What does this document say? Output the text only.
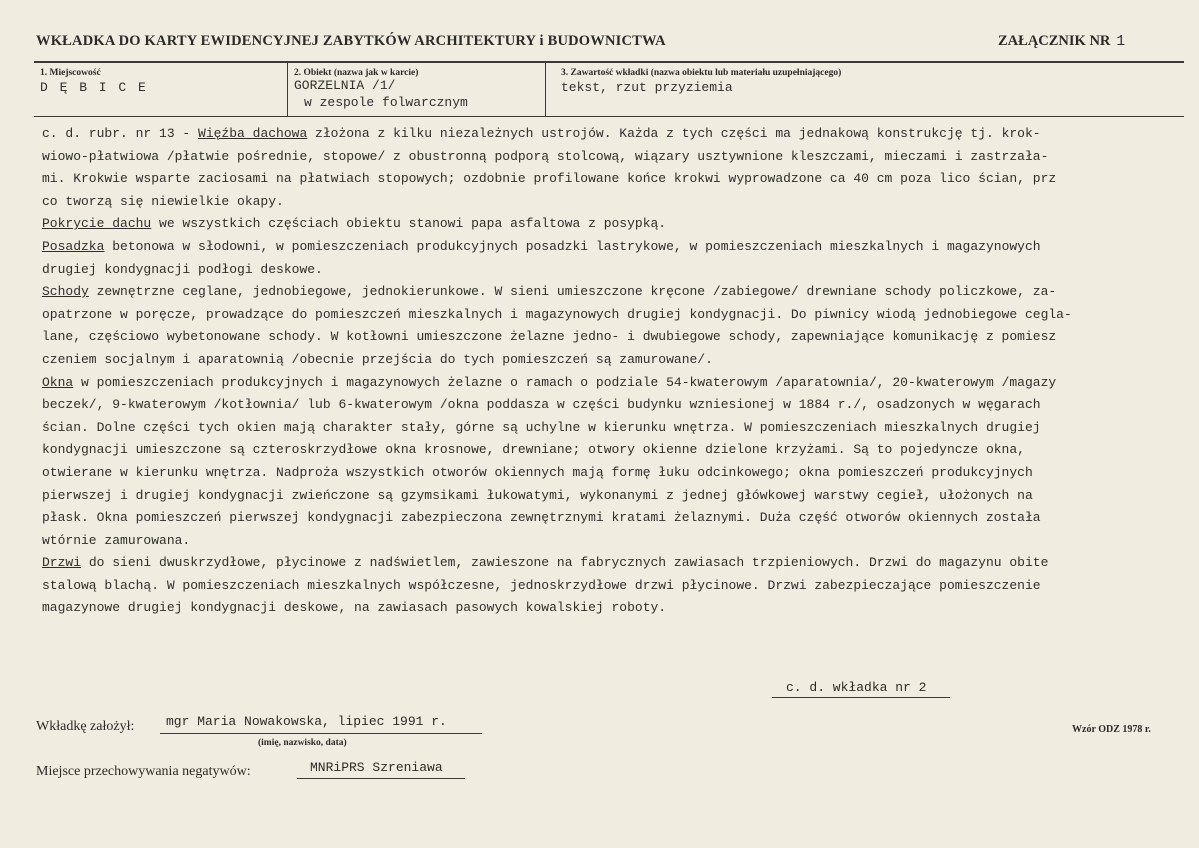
WKŁADKA DO KARTY EWIDENCYJNEJ ZABYTKÓW ARCHITEKTURY i BUDOWNICTWA	ZAŁĄCZNIK NR 1
1. Miejscowość
D Ę B I C E
2. Obiekt (nazwa jak w karcie)
GORZELNIA /1/
w zespole folwarcznym
3. Zawartość wkładki (nazwa obiektu lub materiału uzupełniającego)
tekst, rzut przyziemia
c. d. rubr. nr 13 - Więźba dachowa złożona z kilku niezależnych ustrojów. Każda z tych części ma jednakową konstrukcję tj. krok-
wiowo-płatwiowa /płatwie pośrednie, stopowe/ z obustronną podporą stolcową, wiązary usztywnione kleszczami, mieczami i zastrzała-
mi. Krokwie wsparte zaciosami na płatwiach stopowych; ozdobnie profilowane końce krokwi wyprowadzone ca 40 cm poza lico ścian, prz
co tworzą się niewielkie okapy.
Pokrycie dachu we wszystkich częściach obiektu stanowi papa asfaltowa z posypką.
Posadzka betonowa w słodowni, w pomieszczeniach produkcyjnych posadzki lastrykowe, w pomieszczeniach mieszkalnych i magazynowych
drugiej kondygnacji podłogi deskowe.
Schody zewnętrzne ceglane, jednobiegowe, jednokierunkowe. W sieni umieszczone kręcone /zabiegowe/ drewniane schody policzkowe, za-
opatrzone w poręcze, prowadzące do pomieszczeń mieszkalnych i magazynowych drugiej kondygnacji. Do piwnicy wiodą jednobiegowe cegla-
lane, częściowo wybetonowane schody. W kotłowni umieszczone żelazne jedno- i dwubiegowe schody, zapewniające komunikację z pomiesz
czeniem socjalnym i aparatownią /obecnie przejścia do tych pomieszczeń są zamurowane/.
Okna w pomieszczeniach produkcyjnych i magazynowych żelazne o ramach o podziale 54-kwaterowym /aparatownia/, 20-kwaterowym /magazy
beczek/, 9-kwaterowym /kotłownia/ lub 6-kwaterowym /okna poddasza w części budynku wzniesionej w 1884 r./, osadzonych w węgarach
ścian. Dolne części tych okien mają charakter stały, górne są uchylne w kierunku wnętrza. W pomieszczeniach mieszkalnych drugiej
kondygnacji umieszczone są czteroskrzydłowe okna krosnowe, drewniane; otwory okienne dzielone krzyżami. Są to pojedyncze okna,
otwierane w kierunku wnętrza. Nadproża wszystkich otworów okiennych mają formę łuku odcinkowego; okna pomieszczeń produkcyjnych
pierwszej i drugiej kondygnacji zwieńczone są gzymsikami łukowatymi, wykonanymi z jednej główkowej warstwy cegieł, ułożonych na
płask. Okna pomieszczeń pierwszej kondygnacji zabezpieczona zewnętrznymi kratami żelaznymi. Duża część otworów okiennych została
wtórnie zamurowana.
Drzwi do sieni dwuskrzydłowe, płycinowe z nadświetlem, zawieszone na fabrycznych zawiasach trzpieniowych. Drzwi do magazynu obite
stalową blachą. W pomieszczeniach mieszkalnych współczesne, jednoskrzydłowe drzwi płycinowe. Drzwi zabezpieczające pomieszczenie
magazynowe drugiej kondygnacji deskowe, na zawiasach pasowych kowalskiej roboty.
c. d. wkładka nr 2
Wkładkę założył: mgr Maria Nowakowska, lipiec 1991 r.
(imię, nazwisko, data)
Wzór ODZ 1978 r.
Miejsce przechowywania negatywów:	MNRiPRS Szreniawa
